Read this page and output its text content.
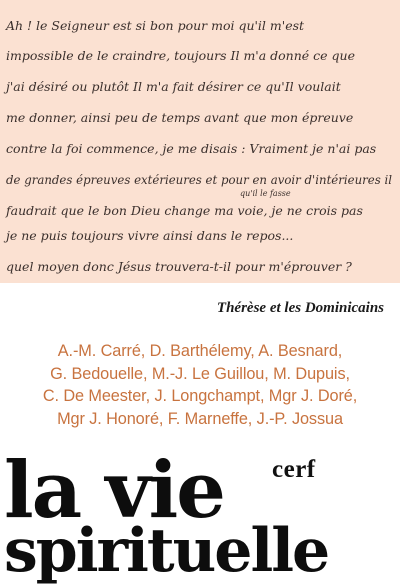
Ah ! le Seigneur est si bon pour moi qu'il m'est
impossible de le craindre, toujours Il m'a donné ce que
j'ai désiré ou plutôt Il m'a fait désirer ce qu'Il voulait
me donner, ainsi peu de temps avant que mon épreuve
contre la foi commence, je me disais : Vraiment je n'ai pas
de grandes épreuves extérieures et pour en avoir d'intérieures il
qu'il le fasse
faudrait que le bon Dieu change ma voie, je ne crois pas
je ne puis toujours vivre ainsi dans le repos...
quel moyen donc Jésus trouvera-t-il pour m'éprouver ?
Thérèse et les Dominicains
A.-M. Carré, D. Barthélemy, A. Besnard,
G. Bedouelle, M.-J. Le Guillou, M. Dupuis,
C. De Meester, J. Longchampt, Mgr J. Doré,
Mgr J. Honoré, F. Marneffe, J.-P. Jossua
la vie cerf
spirituelle
